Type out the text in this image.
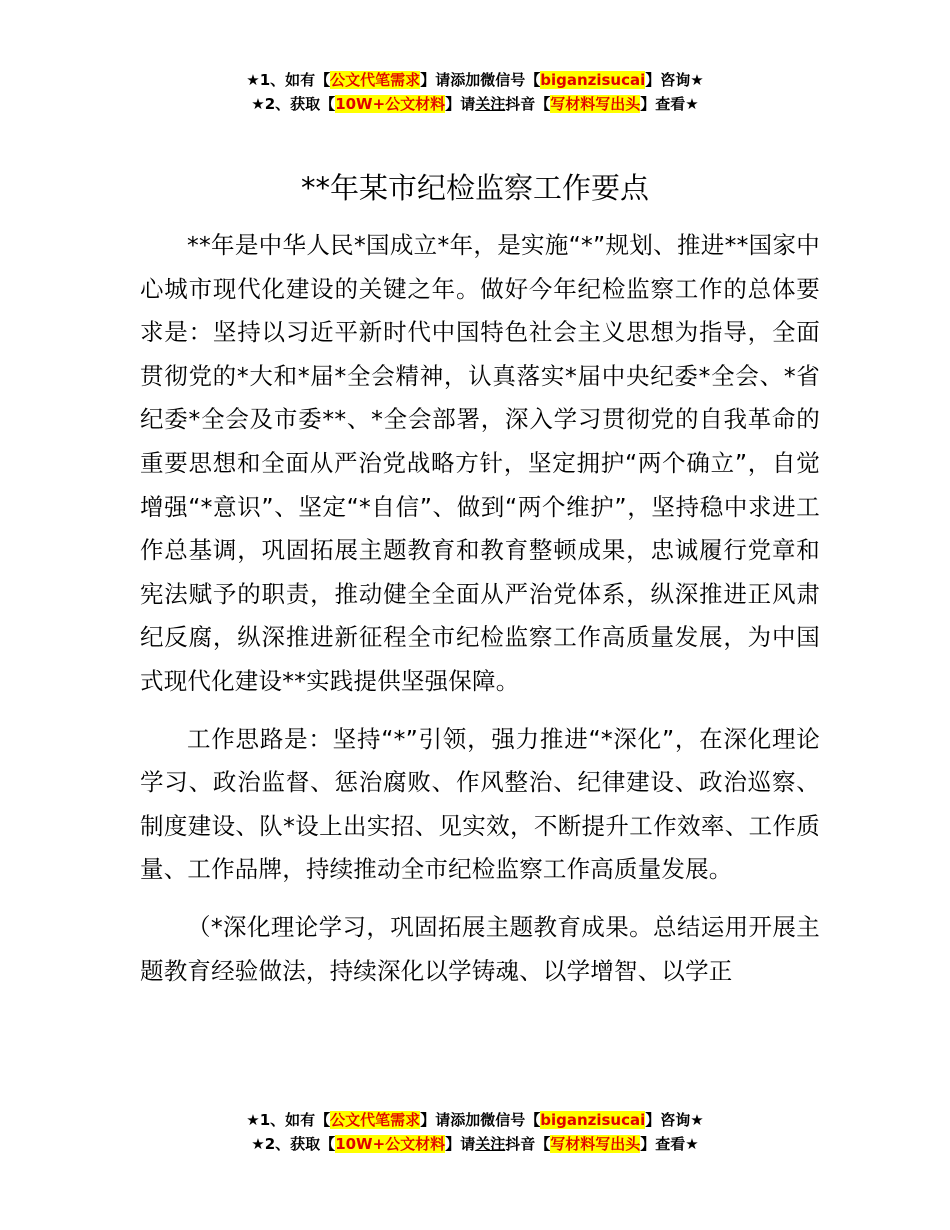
★1、如有【公文代笔需求】请添加微信号【biganzisucai】咨询★
★2、获取【10W+公文材料】请关注抖音【写材料写出头】查看★
**年某市纪检监察工作要点

**年是中华人民*国成立*年，是实施“*”规划、推进**国家中心城市现代化建设的关键之年。做好今年纪检监察工作的总体要求是：坚持以习近平新时代中国特色社会主义思想为指导，全面贯彻党的*大和*届*全会精神，认真落实*届中央纪委*全会、*省纪委*全会及市委**、*全会部署，深入学习贯彻党的自我革命的重要思想和全面从严治党战略方针，坚定拥护“两个确立”，自觉增强“*意识”、坚定“*自信”、做到“两个维护”，坚持稳中求进工作总基调，巩固拓展主题教育和教育整顿成果，忠诚履行党章和宪法赋予的职责，推动健全全面从严治党体系，纵深推进正风肃纪反腐，纵深推进新征程全市纪检监察工作高质量发展，为中国式现代化建设**实践提供坚强保障。

工作思路是：坚持“*”引领，强力推进“*深化”，在深化理论学习、政治监督、惩治腐败、作风整治、纪律建设、政治巡察、制度建设、队*设上出实招、见实效，不断提升工作效率、工作质量、工作品牌，持续推动全市纪检监察工作高质量发展。

（*深化理论学习，巩固拓展主题教育成果。总结运用开展主题教育经验做法，持续深化以学铸魂、以学增智、以学正

★1、如有【公文代笔需求】请添加微信号【biganzisucai】咨询★
★2、获取【10W+公文材料】请关注抖音【写材料写出头】查看★
